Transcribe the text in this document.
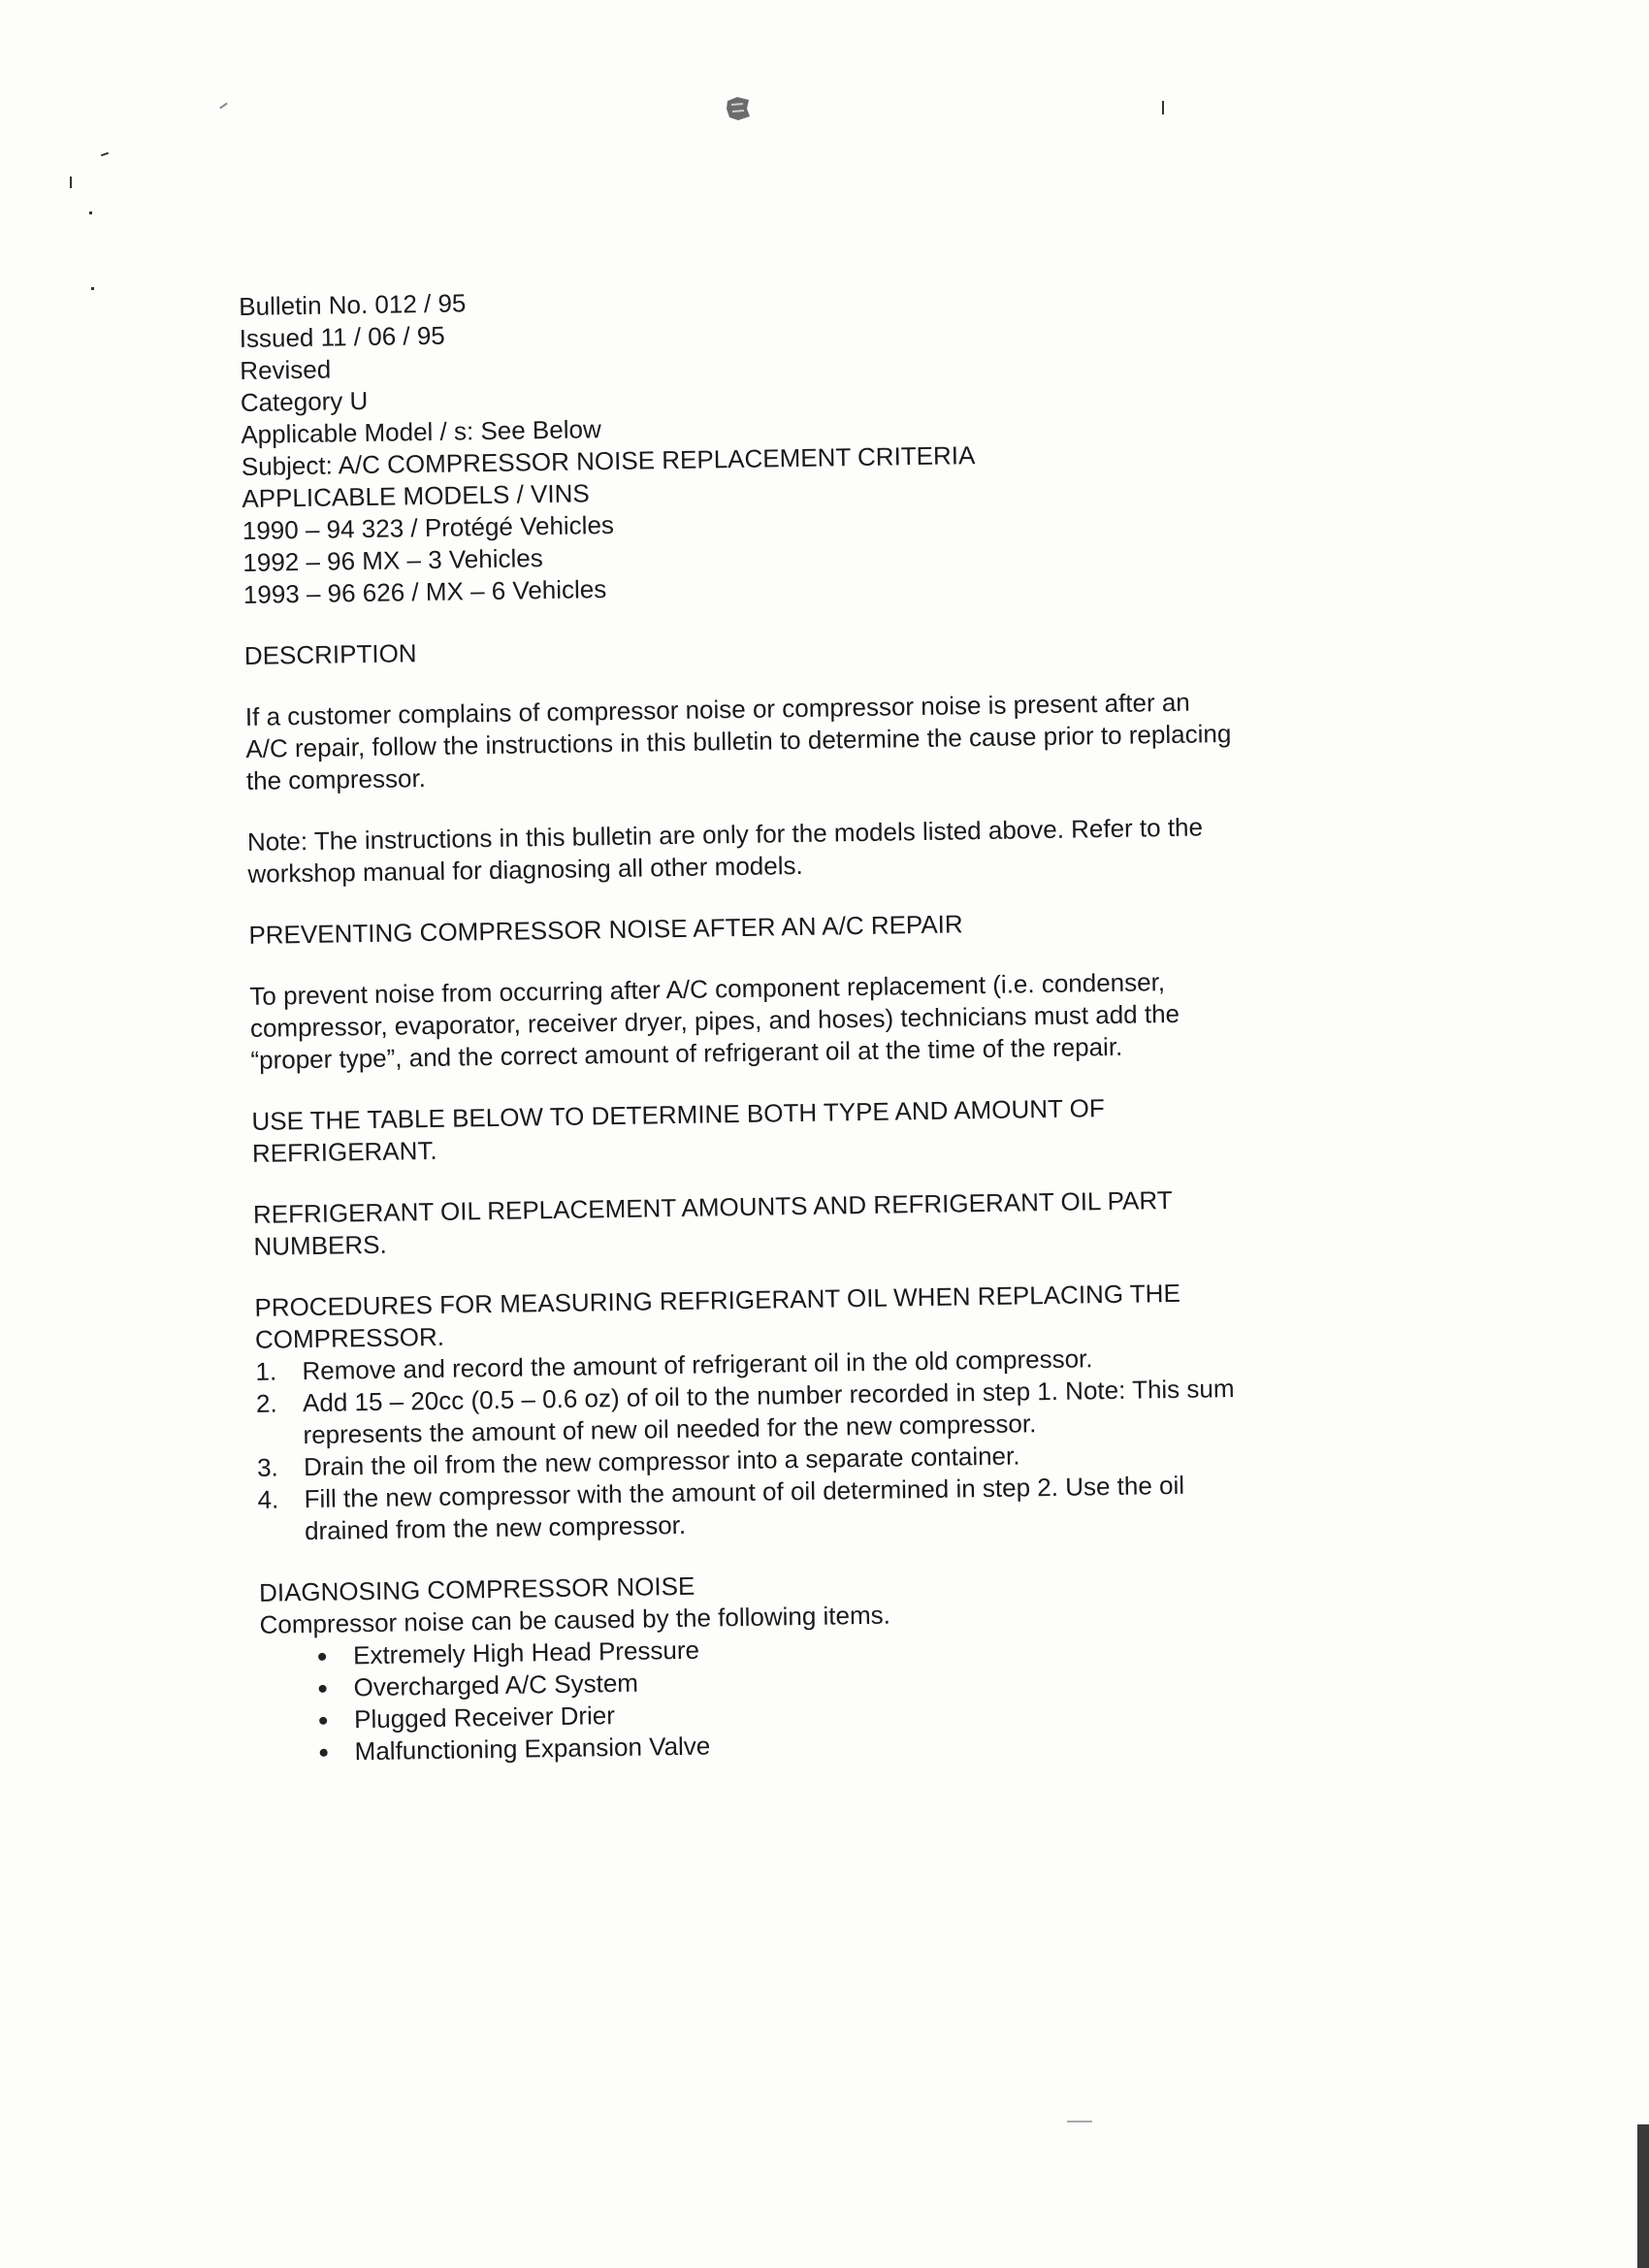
Bulletin No. 012 / 95
Issued 11 / 06 / 95
Revised
Category U
Applicable Model / s: See Below
Subject: A/C COMPRESSOR NOISE REPLACEMENT CRITERIA
APPLICABLE MODELS / VINS
1990 – 94 323 / Protégé Vehicles
1992 – 96 MX – 3 Vehicles
1993 – 96 626 / MX – 6 Vehicles
DESCRIPTION
If a customer complains of compressor noise or compressor noise is present after an
A/C repair, follow the instructions in this bulletin to determine the cause prior to replacing
the compressor.
Note: The instructions in this bulletin are only for the models listed above. Refer to the
workshop manual for diagnosing all other models.
PREVENTING COMPRESSOR NOISE AFTER AN A/C REPAIR
To prevent noise from occurring after A/C component replacement (i.e. condenser,
compressor, evaporator, receiver dryer, pipes, and hoses) technicians must add the
“proper type”, and the correct amount of refrigerant oil at the time of the repair.
USE THE TABLE BELOW TO DETERMINE BOTH TYPE AND AMOUNT OF
REFRIGERANT.
REFRIGERANT OIL REPLACEMENT AMOUNTS AND REFRIGERANT OIL PART
NUMBERS.
PROCEDURES FOR MEASURING REFRIGERANT OIL WHEN REPLACING THE
COMPRESSOR.
1. Remove and record the amount of refrigerant oil in the old compressor.
2. Add 15 – 20cc (0.5 – 0.6 oz) of oil to the number recorded in step 1. Note: This sum
represents the amount of new oil needed for the new compressor.
3. Drain the oil from the new compressor into a separate container.
4. Fill the new compressor with the amount of oil determined in step 2. Use the oil
drained from the new compressor.
DIAGNOSING COMPRESSOR NOISE
Compressor noise can be caused by the following items.
Extremely High Head Pressure
Overcharged A/C System
Plugged Receiver Drier
Malfunctioning Expansion Valve
